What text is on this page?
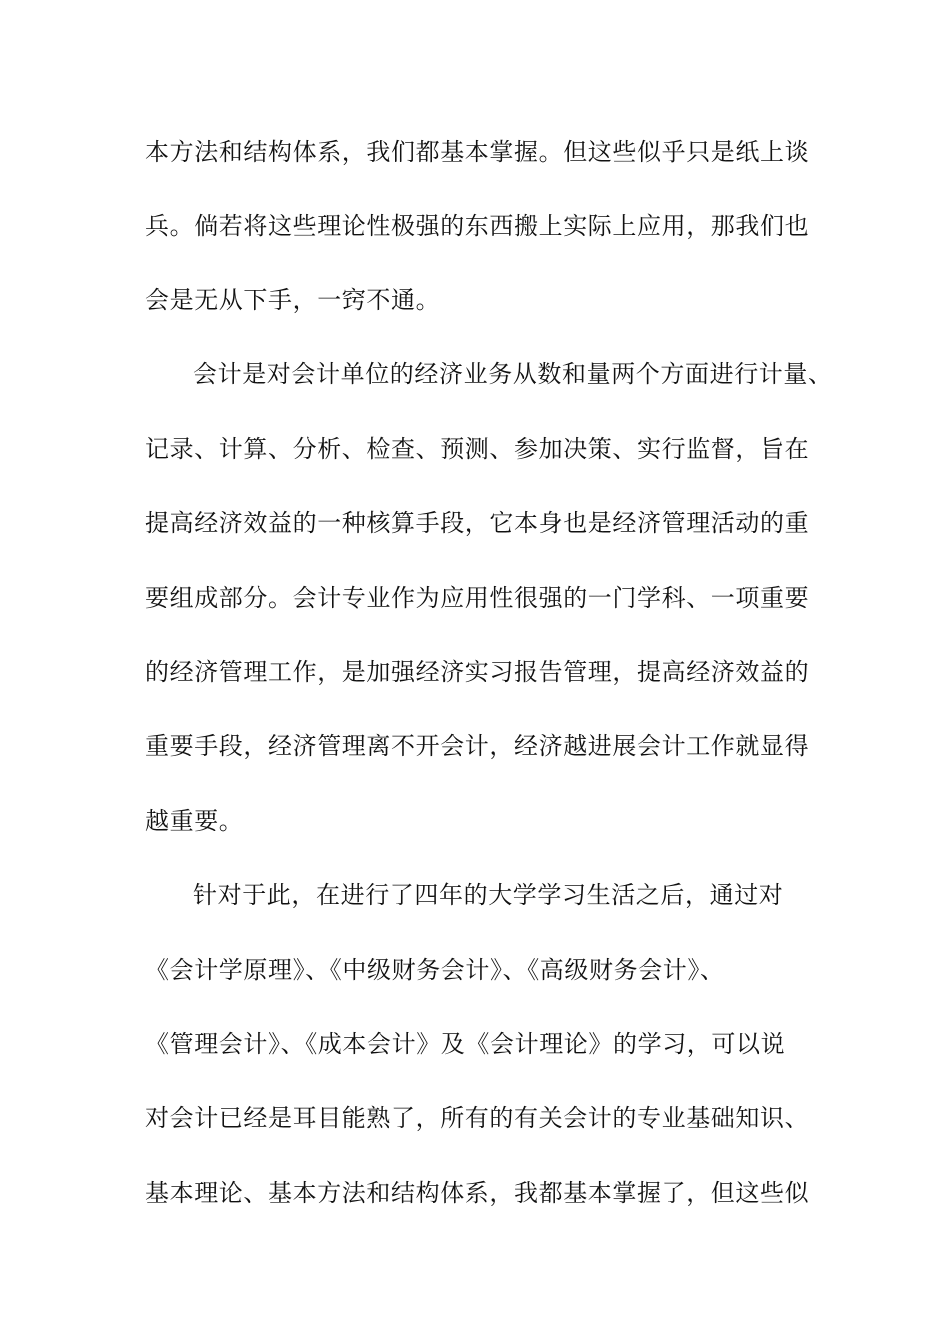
本方法和结构体系，我们都基本掌握。但这些似乎只是纸上谈
兵。倘若将这些理论性极强的东西搬上实际上应用，那我们也
会是无从下手，一窍不通。
会计是对会计单位的经济业务从数和量两个方面进行计量、
记录、计算、分析、检查、预测、参加决策、实行监督，旨在
提高经济效益的一种核算手段，它本身也是经济管理活动的重
要组成部分。会计专业作为应用性很强的一门学科、一项重要
的经济管理工作，是加强经济实习报告管理，提高经济效益的
重要手段，经济管理离不开会计，经济越进展会计工作就显得
越重要。
针对于此，在进行了四年的大学学习生活之后，通过对
《会计学原理》、《中级财务会计》、《高级财务会计》、
《管理会计》、《成本会计》及《会计理论》的学习，可以说
对会计已经是耳目能熟了，所有的有关会计的专业基础知识、
基本理论、基本方法和结构体系，我都基本掌握了，但这些似
